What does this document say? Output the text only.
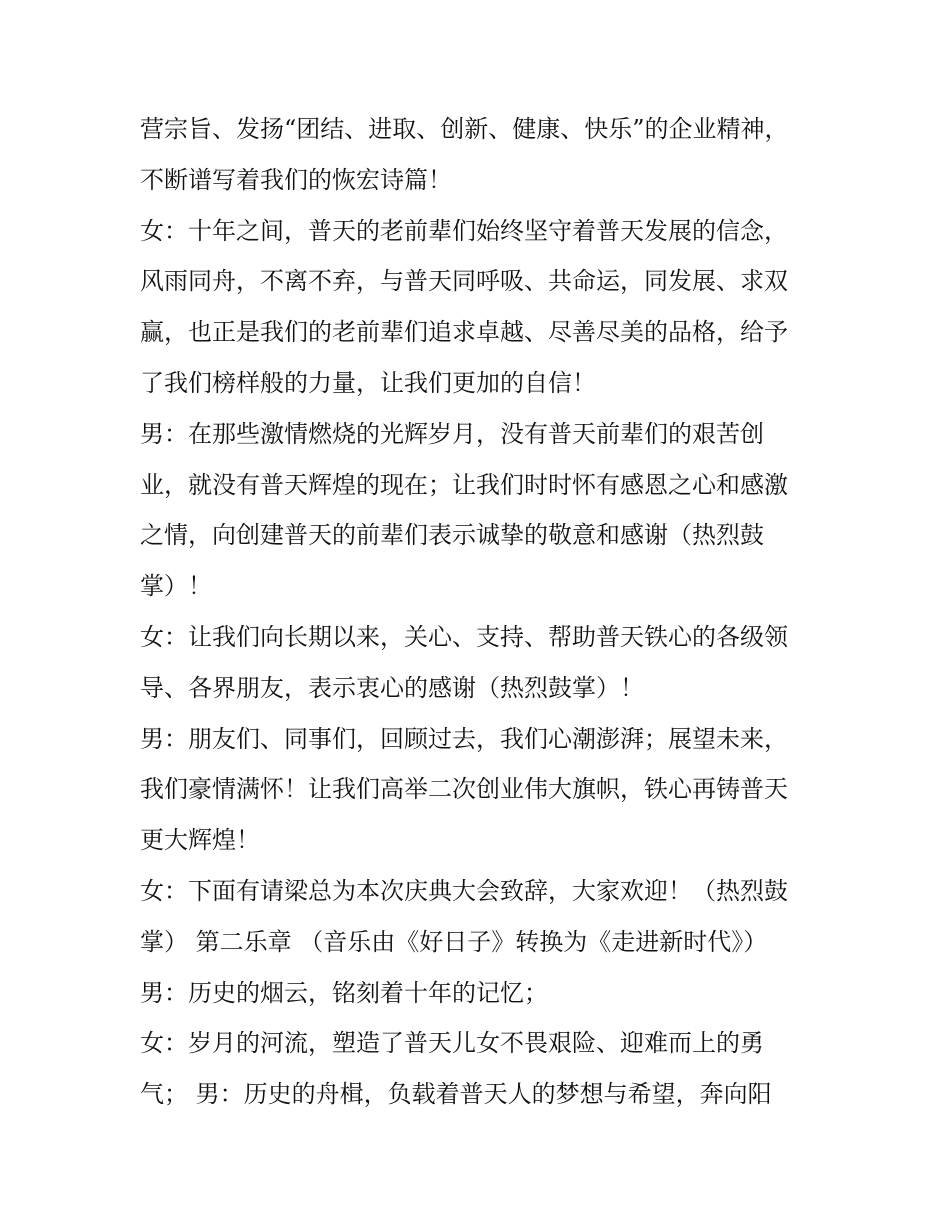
营宗旨、发扬“团结、进取、创新、健康、快乐”的企业精神，
不断谱写着我们的恢宏诗篇！
女：十年之间，普天的老前辈们始终坚守着普天发展的信念，
风雨同舟，不离不弃，与普天同呼吸、共命运，同发展、求双
赢，也正是我们的老前辈们追求卓越、尽善尽美的品格，给予
了我们榜样般的力量，让我们更加的自信！
男：在那些激情燃烧的光辉岁月，没有普天前辈们的艰苦创
业，就没有普天辉煌的现在；让我们时时怀有感恩之心和感激
之情，向创建普天的前辈们表示诚挚的敬意和感谢（热烈鼓
掌）！
女：让我们向长期以来，关心、支持、帮助普天铁心的各级领
导、各界朋友，表示衷心的感谢（热烈鼓掌）！
男：朋友们、同事们，回顾过去，我们心潮澎湃；展望未来，
我们豪情满怀！让我们高举二次创业伟大旗帜，铁心再铸普天
更大辉煌！
女：下面有请梁总为本次庆典大会致辞，大家欢迎！（热烈鼓
掌） 第二乐章 （音乐由《好日子》转换为《走进新时代》）
男：历史的烟云，铭刻着十年的记忆；
女：岁月的河流，塑造了普天儿女不畏艰险、迎难而上的勇
气； 男：历史的舟楫，负载着普天人的梦想与希望，奔向阳
